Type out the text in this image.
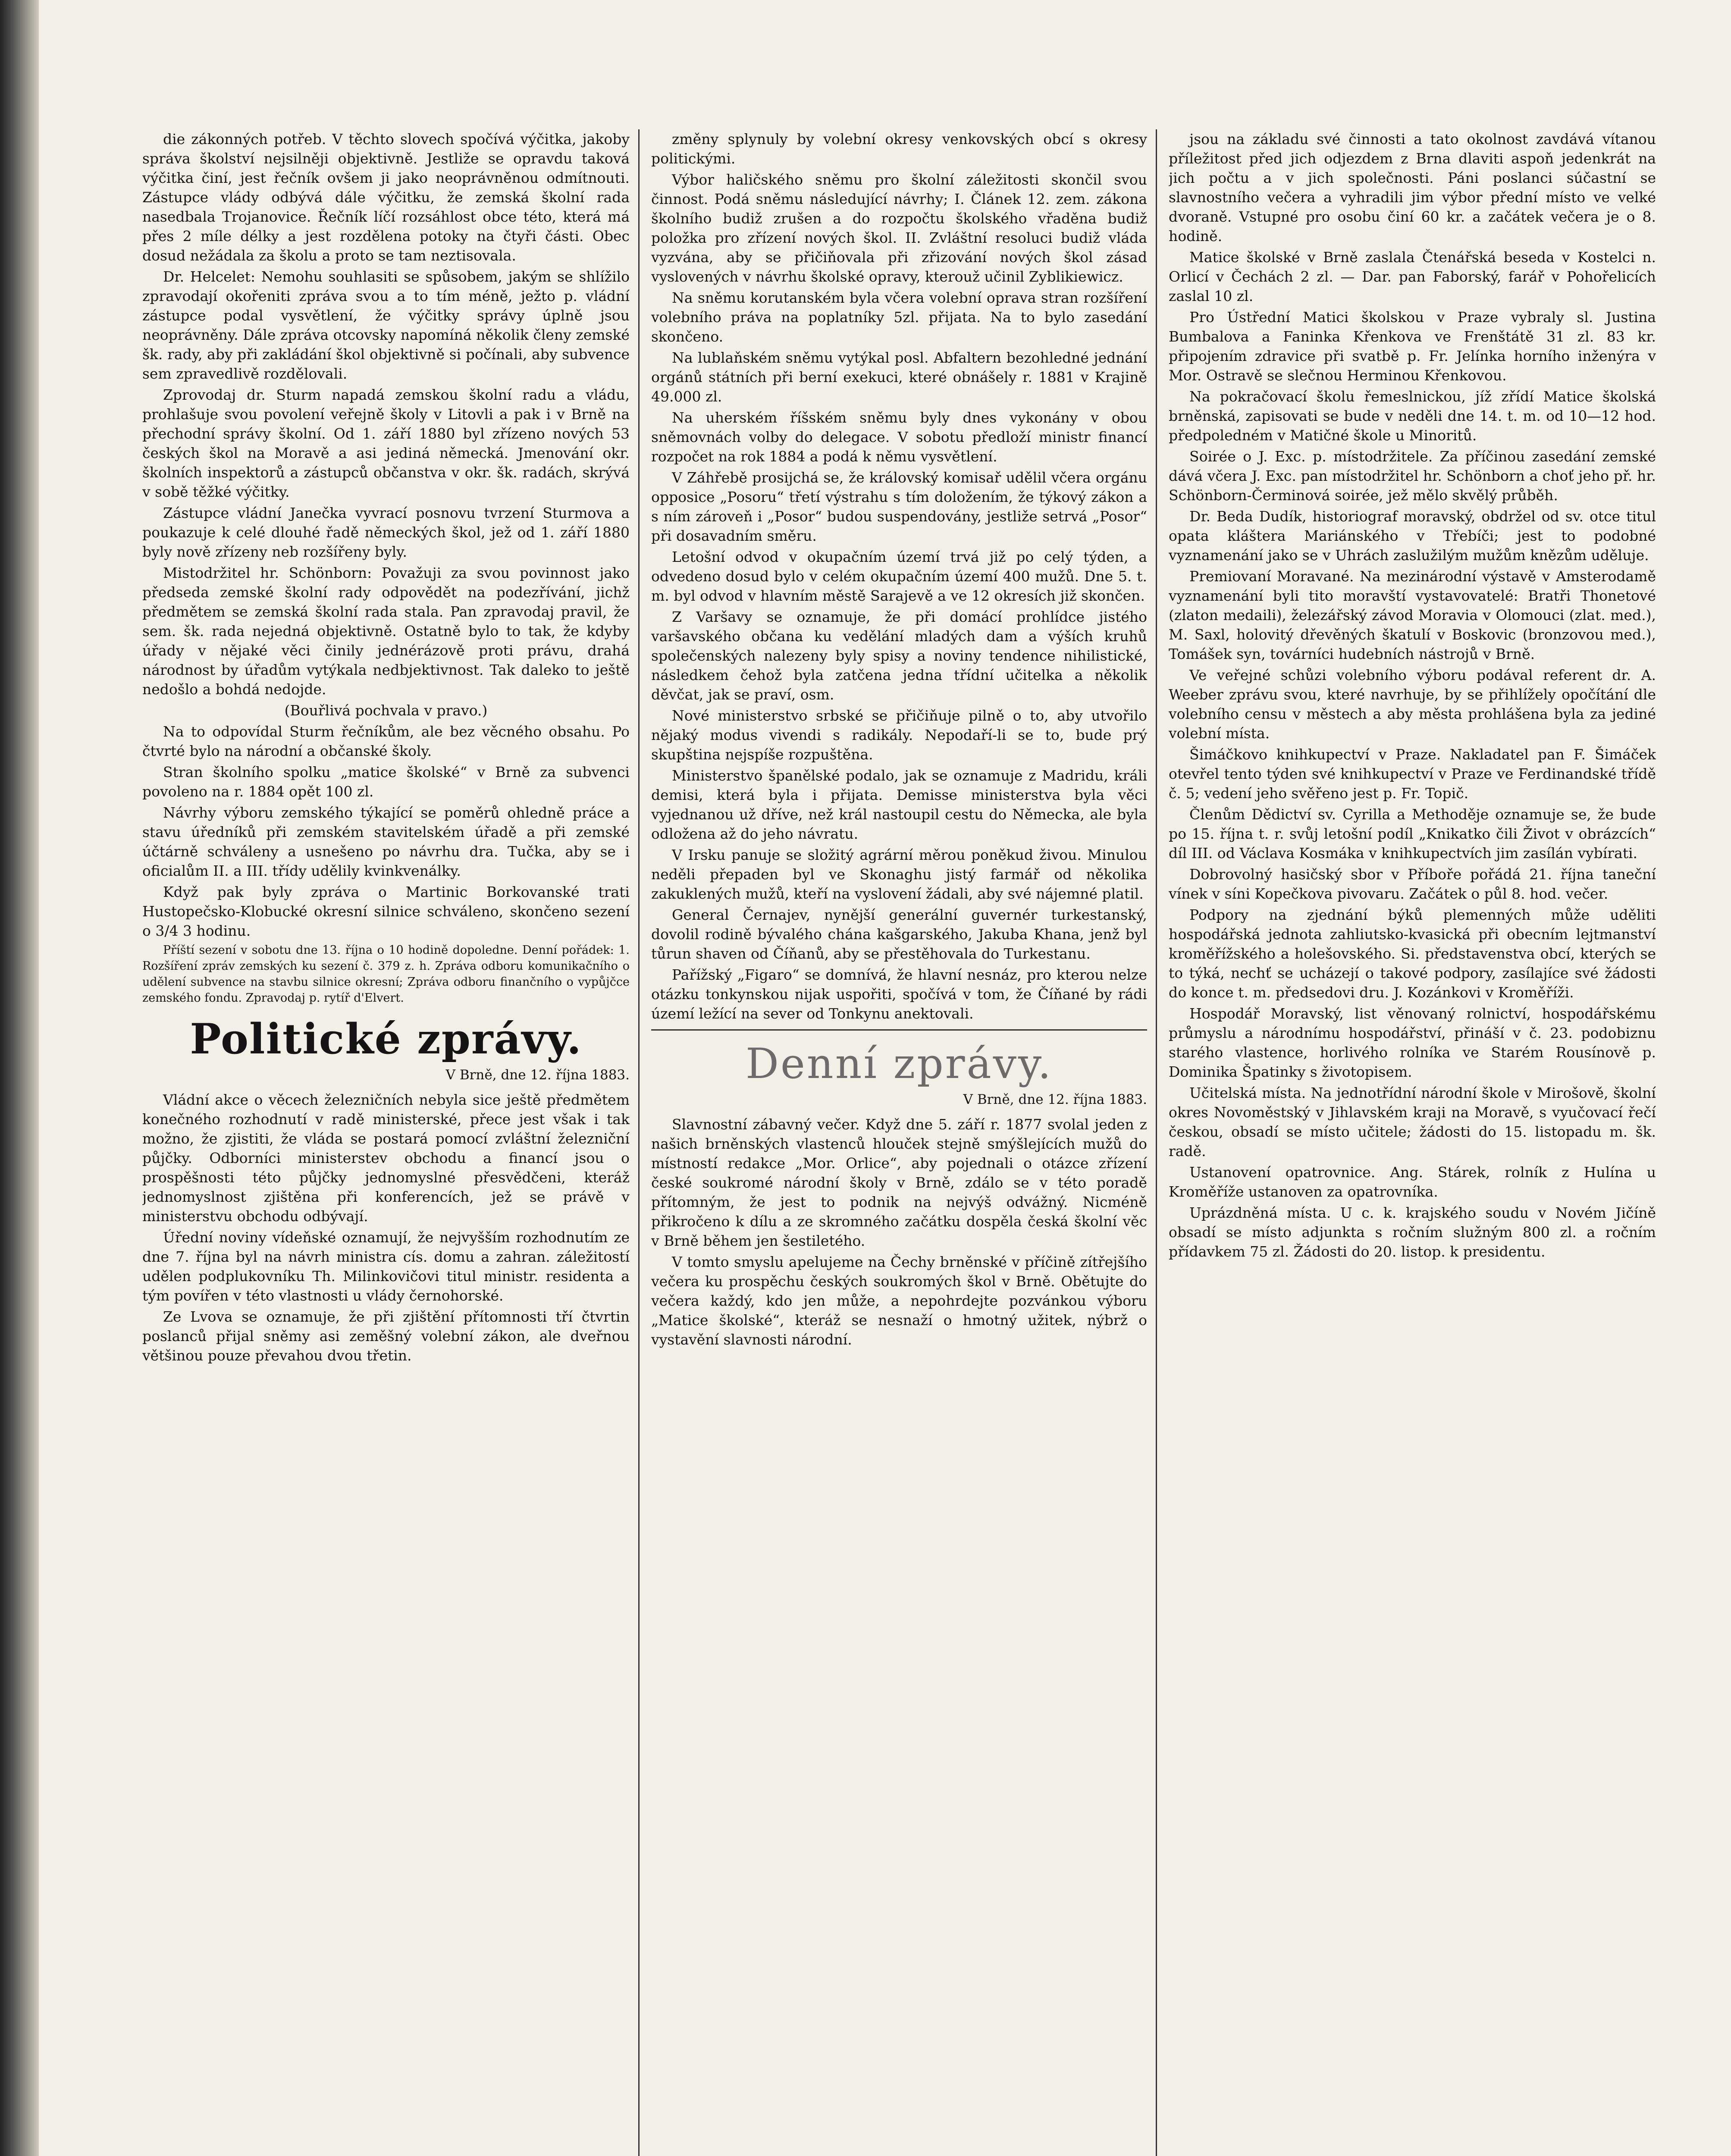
die zákonných potřeb. V těchto slovech spočívá výčitka, jakoby správa školství nejsilněji objektivně. Jestliže se opravdu taková výčitka činí, jest řečník ovšem ji jako neoprávněnou odmítnouti. Zástupce vlády odbývá dále výčitku, že zemská školní rada nasedbala Trojanovice. Řečník líčí rozsáhlost obce této, která má přes 2 míle délky a jest rozdělena potoky na čtyři části. Obec dosud nežádala za školu a proto se tam neztisovala.

Dr. Helcelet: Nemohu souhlasiti se spůsobem, jakým se shlížilo zpravodají okořeniti zpráva svou a to tím méně, ježto p. vládní zástupce podal vysvětlení, že výčitky správy úplně jsou neoprávněny. Dále zpráva otcovsky napomíná několik členy zemské šk. rady, aby při zakládání škol objektivně si počínali, aby subvence sem zpravedlivě rozdělovali.

Zprovodaj dr. Sturm napadá zemskou školní radu a vládu, prohlašuje svou povolení veřejně školy v Litovli a pak i v Brně na přechodní správy školní. Od 1. září 1880 byl zřízeno nových 53 českých škol na Moravě a asi jediná německá. Jmenování okr. školních inspektorů a zástupců občanstva v okr. šk. radách, skrývá v sobě těžké výčitky.

Zástupce vládní Janečka vyvrací posnovu tvrzení Sturmova a poukazuje k celé dlouhé řadě německých škol, jež od 1. září 1880 byly nově zřízeny neb rozšířeny byly.

Mistodržitel hr. Schönborn: Považuji za svou povinnost jako předseda zemské školní rady odpovědět na podezřívání, jichž předmětem se zemská školní rada stala. Pan zpravodaj pravil, že sem. šk. rada nejedná objektivně. Ostatně bylo to tak, že kdyby úřady v nějaké věci činily jednérázově proti právu, drahá národnost by úřadům vytýkala nedbjektivnost. Tak daleko to ještě nedošlo a bohdá nedojde.

(Bouřlivá pochvala v pravo.)

Na to odpovídal Sturm řečníkům, ale bez věcného obsahu. Po čtvrté bylo na národní a občanské školy.

Stran školního spolku „matice školské“ v Brně za subvenci povoleno na r. 1884 opět 100 zl.

Návrhy výboru zemského týkající se poměrů ohledně práce a stavu úředníků při zemském stavitelském úřadě a při zemské účtárně schváleny a usnešeno po návrhu dra. Tučka, aby se i oficialům II. a III. třídy udělily kvinkvenálky.

Když pak byly zpráva o Martinic Borkovanské trati Hustopečsko-Klobucké okresní silnice schváleno, skončeno sezení o 3/4 3 hodinu.

Příští sezení v sobotu dne 13. října o 10 hodině dopoledne. Denní pořádek: 1. Rozšíření zpráv zemských ku sezení č. 379 z. h. Zpráva odboru komunikačního o udělení subvence na stavbu silnice okresní; Zpráva odboru finančního o vypůjčce zemského fondu. Zpravodaj p. rytíř d'Elvert.

Politické zprávy.

V Brně, dne 12. října 1883.

Vládní akce o věcech železničních nebyla sice ještě předmětem konečného rozhodnutí v radě ministerské, přece jest však i tak možno, že zjistiti, že vláda se postará pomocí zvláštní železniční půjčky. Odborníci ministerstev obchodu a financí jsou o prospěšnosti této půjčky jednomyslné přesvědčeni, kteráž jednomyslnost zjištěna při konferencích, jež se právě v ministerstvu obchodu odbývají.

Úřední noviny vídeňské oznamují, že nejvyšším rozhodnutím ze dne 7. října byl na návrh ministra cís. domu a zahran. záležitostí udělen podplukovníku Th. Milinkovičovi titul ministr. residenta a tým povířen v této vlastnosti u vlády černohorské.

Ze Lvova se oznamuje, že při zjištění přítomnosti tří čtvrtin poslanců přijal sněmy asi zeměšný volební zákon, ale dveřnou většinou pouze převahou dvou třetin.

změny splynuly by volební okresy venkovských obcí s okresy politickými.

Výbor haličského sněmu pro školní záležitosti skončil svou činnost. Podá sněmu následující návrhy; I. Článek 12. zem. zákona školního budiž zrušen a do rozpočtu školského vřaděna budiž položka pro zřízení nových škol. II. Zvláštní resoluci budiž vláda vyzvána, aby se přičiňovala při zřizování nových škol zásad vyslovených v návrhu školské opravy, kterouž učinil Zyblikiewicz.

Na sněmu korutanském byla včera volební oprava stran rozšíření volebního práva na poplatníky 5zl. přijata. Na to bylo zasedání skončeno.

Na lublaňském sněmu vytýkal posl. Abfaltern bezohledné jednání orgánů státních při berní exekuci, které obnášely r. 1881 v Krajině 49.000 zl.

Na uherském říšském sněmu byly dnes vykonány v obou sněmovnách volby do delegace. V sobotu předloží ministr financí rozpočet na rok 1884 a podá k němu vysvětlení.

V Záhřebě prosijchá se, že královský komisař udělil včera orgánu opposice „Posoru“ třetí výstrahu s tím doložením, že týkový zákon a s ním zároveň i „Posor“ budou suspendovány, jestliže setrvá „Posor“ při dosavadním směru.

Letošní odvod v okupačním území trvá již po celý týden, a odvedeno dosud bylo v celém okupačním území 400 mužů. Dne 5. t. m. byl odvod v hlavním městě Sarajevě a ve 12 okresích již skončen.

Z Varšavy se oznamuje, že při domácí prohlídce jistého varšavského občana ku vedělání mladých dam a výších kruhů společenských nalezeny byly spisy a noviny tendence nihilistické, následkem čehož byla zatčena jedna třídní učitelka a několik děvčat, jak se praví, osm.

Nové ministerstvo srbské se přičiňuje pilně o to, aby utvořilo nějaký modus vivendi s radikály. Nepodaří-li se to, bude prý skupština nejspíše rozpuštěna.

Ministerstvo španělské podalo, jak se oznamuje z Madridu, králi demisi, která byla i přijata. Demisse ministerstva byla věci vyjednanou už dříve, než král nastoupil cestu do Německa, ale byla odložena až do jeho návratu.

V Irsku panuje se složitý agrární měrou poněkud živou. Minulou neděli přepaden byl ve Skonaghu jistý farmář od několika zakuklených mužů, kteří na vyslovení žádali, aby své nájemné platil.

General Černajev, nynější generální guvernér turkestanský, dovolil rodině bývalého chána kašgarského, Jakuba Khana, jenž byl tůrun shaven od Číňanů, aby se přestěhovala do Turkestanu.

Pařížský „Figaro“ se domnívá, že hlavní nesnáz, pro kterou nelze otázku tonkynskou nijak uspořiti, spočívá v tom, že Číňané by rádi území ležící na sever od Tonkynu anektovali.

Denní zprávy.

V Brně, dne 12. října 1883.

Slavnostní zábavný večer. Když dne 5. září r. 1877 svolal jeden z našich brněnských vlastenců hlouček stejně smýšlejících mužů do místností redakce „Mor. Orlice“, aby pojednali o otázce zřízení české soukromé národní školy v Brně, zdálo se v této poradě přítomným, že jest to podnik na nejvýš odvážný. Nicméně přikročeno k dílu a ze skromného začátku dospěla česká školní věc v Brně během jen šestiletého.

V tomto smyslu apelujeme na Čechy brněnské v příčině zítřejšího večera ku prospěchu českých soukromých škol v Brně. Obětujte do večera každý, kdo jen může, a nepohrdejte pozvánkou výboru „Matice školské“, kteráž se nesnaží o hmotný užitek, nýbrž o vystavění slavnosti národní.

jsou na základu své činnosti a tato okolnost zavdává vítanou příležitost před jich odjezdem z Brna dlaviti aspoň jedenkrát na jich počtu a v jich společnosti. Páni poslanci súčastní se slavnostního večera a vyhradili jim výbor přední místo ve velké dvoraně. Vstupné pro osobu činí 60 kr. a začátek večera je o 8. hodině.

Matice školské v Brně zaslala Čtenářská beseda v Kostelci n. Orlicí v Čechách 2 zl. — Dar. pan Faborský, farář v Pohořelicích zaslal 10 zl.

Pro Ústřední Matici školskou v Praze vybraly sl. Justina Bumbalova a Faninka Křenkova ve Frenštátě 31 zl. 83 kr. připojením zdravice při svatbě p. Fr. Jelínka horního inženýra v Mor. Ostravě se slečnou Herminou Křenkovou.

Na pokračovací školu řemeslnickou, jíž zřídí Matice školská brněnská, zapisovati se bude v neděli dne 14. t. m. od 10—12 hod. předpoledném v Matičné škole u Minoritů.

Soirée o J. Exc. p. místodržitele. Za příčinou zasedání zemské dává včera J. Exc. pan místodržitel hr. Schönborn a choť jeho př. hr. Schönborn-Čerminová soirée, jež mělo skvělý průběh.

Dr. Beda Dudík, historiograf moravský, obdržel od sv. otce titul opata kláštera Mariánského v Třebíči; jest to podobné vyznamenání jako se v Uhrách zaslužilým mužům knězům uděluje.

Premiovaní Moravané. Na mezinárodní výstavě v Amsterodamě vyznamenání byli tito moravští vystavovatelé: Bratři Thonetové (zlaton medaili), železářský závod Moravia v Olomouci (zlat. med.), M. Saxl, holovitý dřevěných škatulí v Boskovic (bronzovou med.), Tomášek syn, továrníci hudebních nástrojů v Brně.

Ve veřejné schůzi volebního výboru podával referent dr. A. Weeber zprávu svou, které navrhuje, by se přihlížely opočítání dle volebního censu v městech a aby města prohlášena byla za jediné volební místa.

Šimáčkovo knihkupectví v Praze. Nakladatel pan F. Šimáček otevřel tento týden své knihkupectví v Praze ve Ferdinandské třídě č. 5; vedení jeho svěřeno jest p. Fr. Topič.

Členům Dědictví sv. Cyrilla a Methoděje oznamuje se, že bude po 15. října t. r. svůj letošní podíl „Knikatko čili Život v obrázcích“ díl III. od Václava Kosmáka v knihkupectvích jim zasílán vybírati.

Dobrovolný hasičský sbor v Příboře pořádá 21. října taneční vínek v síni Kopečkova pivovaru. Začátek o půl 8. hod. večer.

Podpory na zjednání býků plemenných může uděliti hospodářská jednota zahliutsko-kvasická při obecním lejtmanství kroměřížského a holešovského. Si. představenstva obcí, kterých se to týká, nechť se ucházejí o takové podpory, zasílajíce své žádosti do konce t. m. předsedovi dru. J. Kozánkovi v Kroměříži.

Hospodář Moravský, list věnovaný rolnictví, hospodářskému průmyslu a národnímu hospodářství, přináší v č. 23. podobiznu starého vlastence, horlivého rolníka ve Starém Rousínově p. Dominika Špatinky s životopisem.

Učitelská místa. Na jednotřídní národní škole v Mirošově, školní okres Novoměstský v Jihlavském kraji na Moravě, s vyučovací řečí českou, obsadí se místo učitele; žádosti do 15. listopadu m. šk. radě.

Ustanovení opatrovnice. Ang. Stárek, rolník z Hulína u Kroměříže ustanoven za opatrovníka.

Uprázdněná místa. U c. k. krajského soudu v Novém Jičíně obsadí se místo adjunkta s ročním služným 800 zl. a ročním přídavkem 75 zl. Žádosti do 20. listop. k presidentu.
